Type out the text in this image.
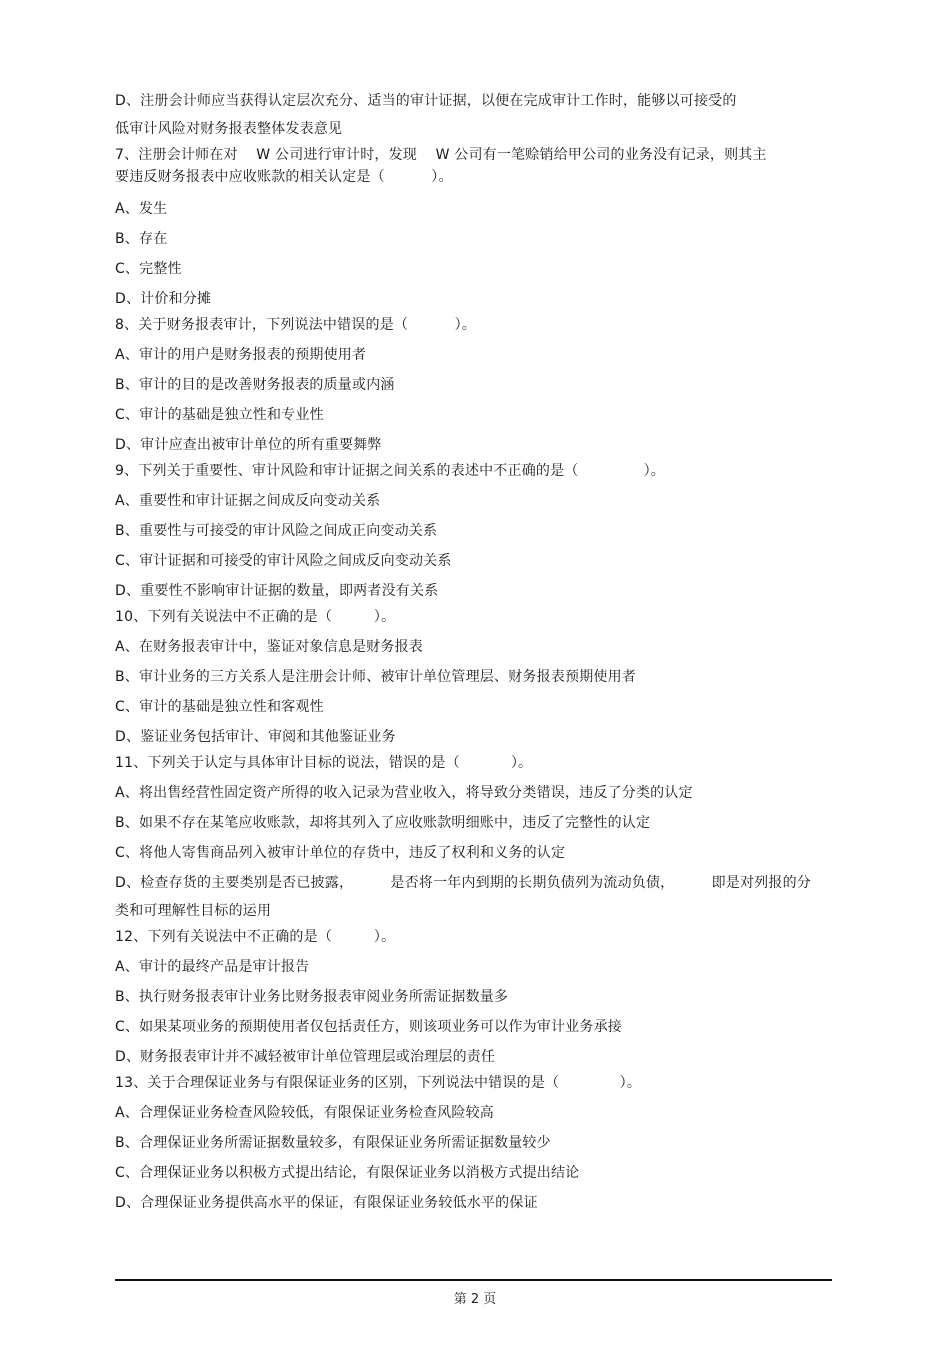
D、注册会计师应当获得认定层次充分、适当的审计证据，以便在完成审计工作时，能够以可接受的
低审计风险对财务报表整体发表意见
7、注册会计师在对    W 公司进行审计时，发现    W 公司有一笔赊销给甲公司的业务没有记录，则其主
要违反财务报表中应收账款的相关认定是（          ）。
A、发生
B、存在
C、完整性
D、计价和分摊
8、关于财务报表审计，下列说法中错误的是（          ）。
A、审计的用户是财务报表的预期使用者
B、审计的目的是改善财务报表的质量或内涵
C、审计的基础是独立性和专业性
D、审计应查出被审计单位的所有重要舞弊
9、下列关于重要性、审计风险和审计证据之间关系的表述中不正确的是（              ）。
A、重要性和审计证据之间成反向变动关系
B、重要性与可接受的审计风险之间成正向变动关系
C、审计证据和可接受的审计风险之间成反向变动关系
D、重要性不影响审计证据的数量，即两者没有关系
10、下列有关说法中不正确的是（         ）。
A、在财务报表审计中，鉴证对象信息是财务报表
B、审计业务的三方关系人是注册会计师、被审计单位管理层、财务报表预期使用者
C、审计的基础是独立性和客观性
D、鉴证业务包括审计、审阅和其他鉴证业务
11、下列关于认定与具体审计目标的说法，错误的是（           ）。
A、将出售经营性固定资产所得的收入记录为营业收入，将导致分类错误，违反了分类的认定
B、如果不存在某笔应收账款，却将其列入了应收账款明细账中，违反了完整性的认定
C、将他人寄售商品列入被审计单位的存货中，违反了权利和义务的认定
D、检查存货的主要类别是否已披露，        是否将一年内到期的长期负债列为流动负债，        即是对列报的分
类和可理解性目标的运用
12、下列有关说法中不正确的是（         ）。
A、审计的最终产品是审计报告
B、执行财务报表审计业务比财务报表审阅业务所需证据数量多
C、如果某项业务的预期使用者仅包括责任方，则该项业务可以作为审计业务承接
D、财务报表审计并不减轻被审计单位管理层或治理层的责任
13、关于合理保证业务与有限保证业务的区别，下列说法中错误的是（             ）。
A、合理保证业务检查风险较低，有限保证业务检查风险较高
B、合理保证业务所需证据数量较多，有限保证业务所需证据数量较少
C、合理保证业务以积极方式提出结论，有限保证业务以消极方式提出结论
D、合理保证业务提供高水平的保证，有限保证业务较低水平的保证
第 2 页
